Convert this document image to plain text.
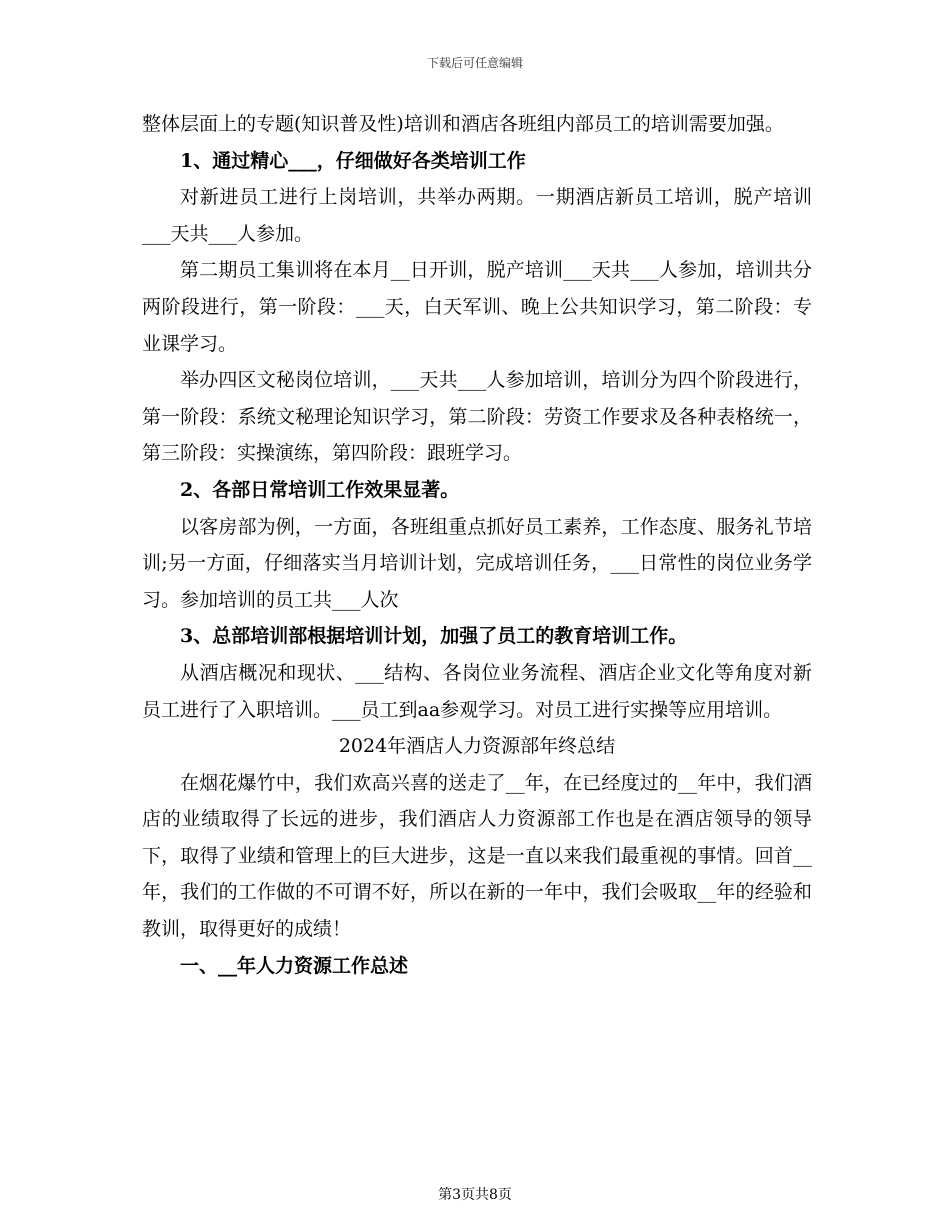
下载后可任意编辑

整体层面上的专题(知识普及性)培训和酒店各班组内部员工的培训需要加强。

1、通过精心___，仔细做好各类培训工作

对新进员工进行上岗培训，共举办两期。一期酒店新员工培训，脱产培训___天共___人参加。

第二期员工集训将在本月__日开训，脱产培训___天共___人参加，培训共分两阶段进行，第一阶段：___天，白天军训、晚上公共知识学习，第二阶段：专业课学习。

举办四区文秘岗位培训，___天共___人参加培训，培训分为四个阶段进行，第一阶段：系统文秘理论知识学习，第二阶段：劳资工作要求及各种表格统一，第三阶段：实操演练，第四阶段：跟班学习。

2、各部日常培训工作效果显著。

以客房部为例，一方面，各班组重点抓好员工素养，工作态度、服务礼节培训;另一方面，仔细落实当月培训计划，完成培训任务，___日常性的岗位业务学习。参加培训的员工共___人次

3、总部培训部根据培训计划，加强了员工的教育培训工作。

从酒店概况和现状、___结构、各岗位业务流程、酒店企业文化等角度对新员工进行了入职培训。___员工到aa参观学习。对员工进行实操等应用培训。

2024年酒店人力资源部年终总结

在烟花爆竹中，我们欢高兴喜的送走了__年，在已经度过的__年中，我们酒店的业绩取得了长远的进步，我们酒店人力资源部工作也是在酒店领导的领导下，取得了业绩和管理上的巨大进步，这是一直以来我们最重视的事情。回首__年，我们的工作做的不可谓不好，所以在新的一年中，我们会吸取__年的经验和教训，取得更好的成绩！

一、__年人力资源工作总述

第3页共8页
